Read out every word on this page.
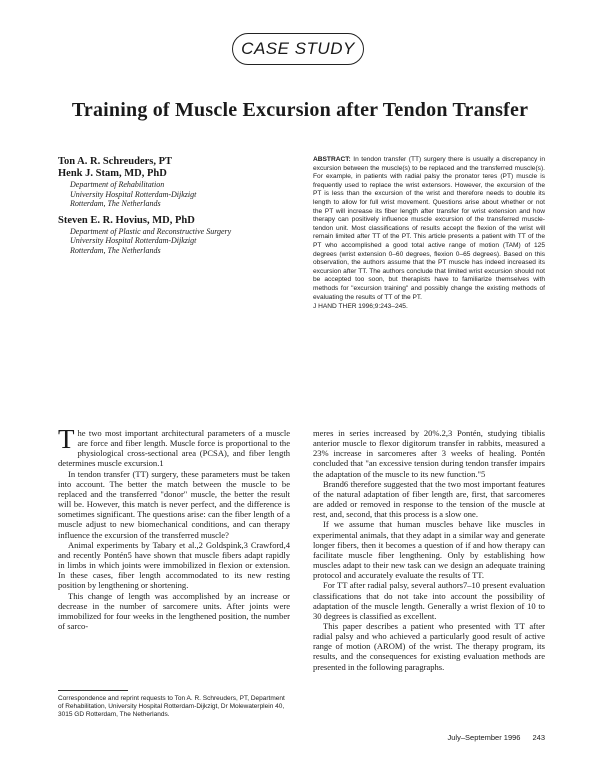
CASE STUDY
Training of Muscle Excursion after Tendon Transfer
Ton A. R. Schreuders, PT
Henk J. Stam, MD, PhD
Department of Rehabilitation
University Hospital Rotterdam-Dijkzigt
Rotterdam, The Netherlands
Steven E. R. Hovius, MD, PhD
Department of Plastic and Reconstructive Surgery
University Hospital Rotterdam-Dijkzigt
Rotterdam, The Netherlands
ABSTRACT: In tendon transfer (TT) surgery there is usually a discrepancy in excursion between the muscle(s) to be replaced and the transferred muscle(s). For example, in patients with radial palsy the pronator teres (PT) muscle is frequently used to replace the wrist extensors. However, the excursion of the PT is less than the excursion of the wrist and therefore needs to double its length to allow for full wrist movement. Questions arise about whether or not the PT will increase its fiber length after transfer for wrist extension and how therapy can positively influence muscle excursion of the transferred muscle-tendon unit. Most classifications of results accept the flexion of the wrist will remain limited after TT of the PT. This article presents a patient with TT of the PT who accomplished a good total active range of motion (TAM) of 125 degrees (wrist extension 0–60 degrees, flexion 0–65 degrees). Based on this observation, the authors assume that the PT muscle has indeed increased its excursion after TT. The authors conclude that limited wrist excursion should not be accepted too soon, but therapists have to familiarize themselves with methods for "excursion training" and possibly change the existing methods of evaluating the results of TT of the PT.
J HAND THER 1996;9:243–245.

The two most important architectural parameters of a muscle are force and fiber length. Muscle force is proportional to the physiological cross-sectional area (PCSA), and fiber length determines muscle excursion.1

In tendon transfer (TT) surgery, these parameters must be taken into account. The better the match between the muscle to be replaced and the transferred "donor" muscle, the better the result will be. However, this match is never perfect, and the difference is sometimes significant. The questions arise: can the fiber length of a muscle adjust to new biomechanical conditions, and can therapy influence the excursion of the transferred muscle?

Animal experiments by Tabary et al.,2 Goldspink,3 Crawford,4 and recently Pontén5 have shown that muscle fibers adapt rapidly in limbs in which joints were immobilized in flexion or extension. In these cases, fiber length accommodated to its new resting position by lengthening or shortening.

This change of length was accomplished by an increase or decrease in the number of sarcomere units. After joints were immobilized for four weeks in the lengthened position, the number of sarco-

meres in series increased by 20%.2,3 Pontén, studying tibialis anterior muscle to flexor digitorum transfer in rabbits, measured a 23% increase in sarcomeres after 3 weeks of healing. Pontén concluded that "an excessive tension during tendon transfer impairs the adaptation of the muscle to its new function."5

Brand6 therefore suggested that the two most important features of the natural adaptation of fiber length are, first, that sarcomeres are added or removed in response to the tension of the muscle at rest, and, second, that this process is a slow one.

If we assume that human muscles behave like muscles in experimental animals, that they adapt in a similar way and generate longer fibers, then it becomes a question of if and how therapy can facilitate muscle fiber lengthening. Only by establishing how muscles adapt to their new task can we design an adequate training protocol and accurately evaluate the results of TT.

For TT after radial palsy, several authors7–10 present evaluation classifications that do not take into account the possibility of adaptation of the muscle length. Generally a wrist flexion of 10 to 30 degrees is classified as excellent.

This paper describes a patient who presented with TT after radial palsy and who achieved a particularly good result of active range of motion (AROM) of the wrist. The therapy program, its results, and the consequences for existing evaluation methods are presented in the following paragraphs.

Correspondence and reprint requests to Ton A. R. Schreuders, PT, Department of Rehabilitation, University Hospital Rotterdam-Dijkzigt, Dr Molewaterplein 40, 3015 GD Rotterdam, The Netherlands.
July–September 1996 243
